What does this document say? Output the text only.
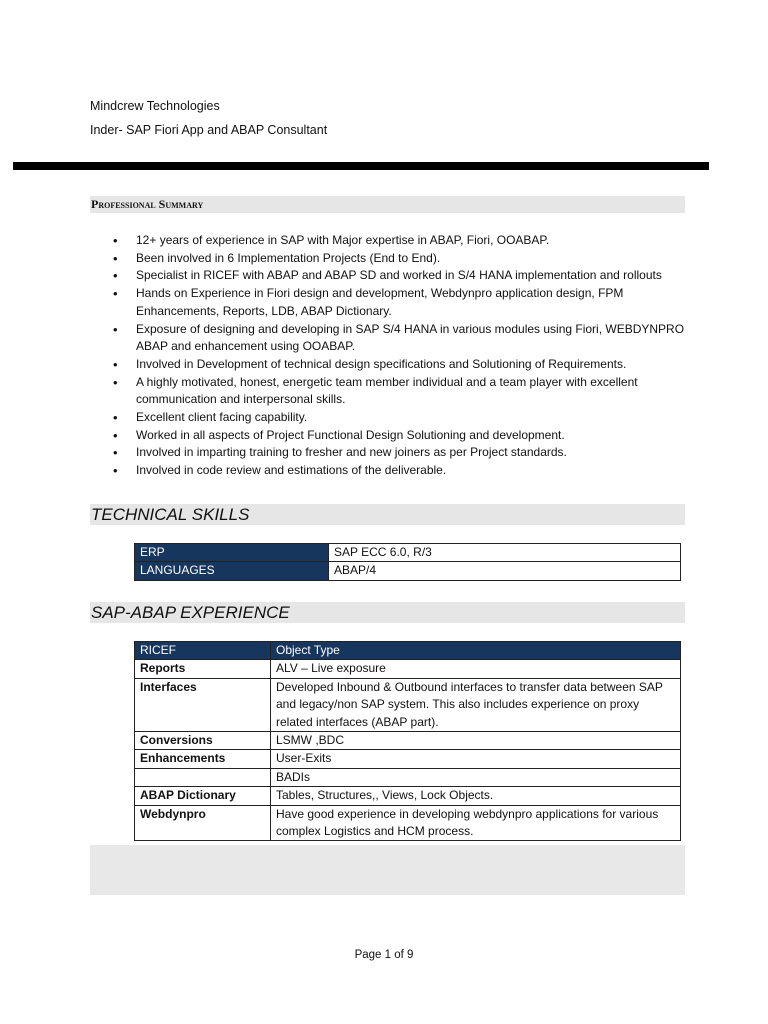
Mindcrew Technologies
Inder- SAP Fiori App and ABAP Consultant
Professional Summary
• 12+ years of experience in SAP with Major expertise in ABAP, Fiori, OOABAP.
• Been involved in 6 Implementation Projects (End to End).
• Specialist in RICEF with ABAP and ABAP SD and worked in S/4 HANA implementation and rollouts
• Hands on Experience in Fiori design and development, Webdynpro application design, FPM Enhancements, Reports, LDB, ABAP Dictionary.
• Exposure of designing and developing in SAP S/4 HANA in various modules using Fiori, WEBDYNPRO ABAP and enhancement using OOABAP.
• Involved in Development of technical design specifications and Solutioning of Requirements.
• A highly motivated, honest, energetic team member individual and a team player with excellent communication and interpersonal skills.
• Excellent client facing capability.
• Worked in all aspects of Project Functional Design Solutioning and development.
• Involved in imparting training to fresher and new joiners as per Project standards.
• Involved in code review and estimations of the deliverable.
TECHNICAL SKILLS
ERP	SAP ECC 6.0, R/3
LANGUAGES	ABAP/4
SAP-ABAP EXPERIENCE
RICEF	Object Type
Reports	ALV – Live exposure
Interfaces	Developed Inbound & Outbound interfaces to transfer data between SAP and legacy/non SAP system. This also includes experience on proxy related interfaces (ABAP part).
Conversions	LSMW ,BDC
Enhancements	User-Exits
	BADIs
ABAP Dictionary	Tables, Structures,, Views, Lock Objects.
Webdynpro	Have good experience in developing webdynpro applications for various complex Logistics and HCM process.
Page 1 of 9
